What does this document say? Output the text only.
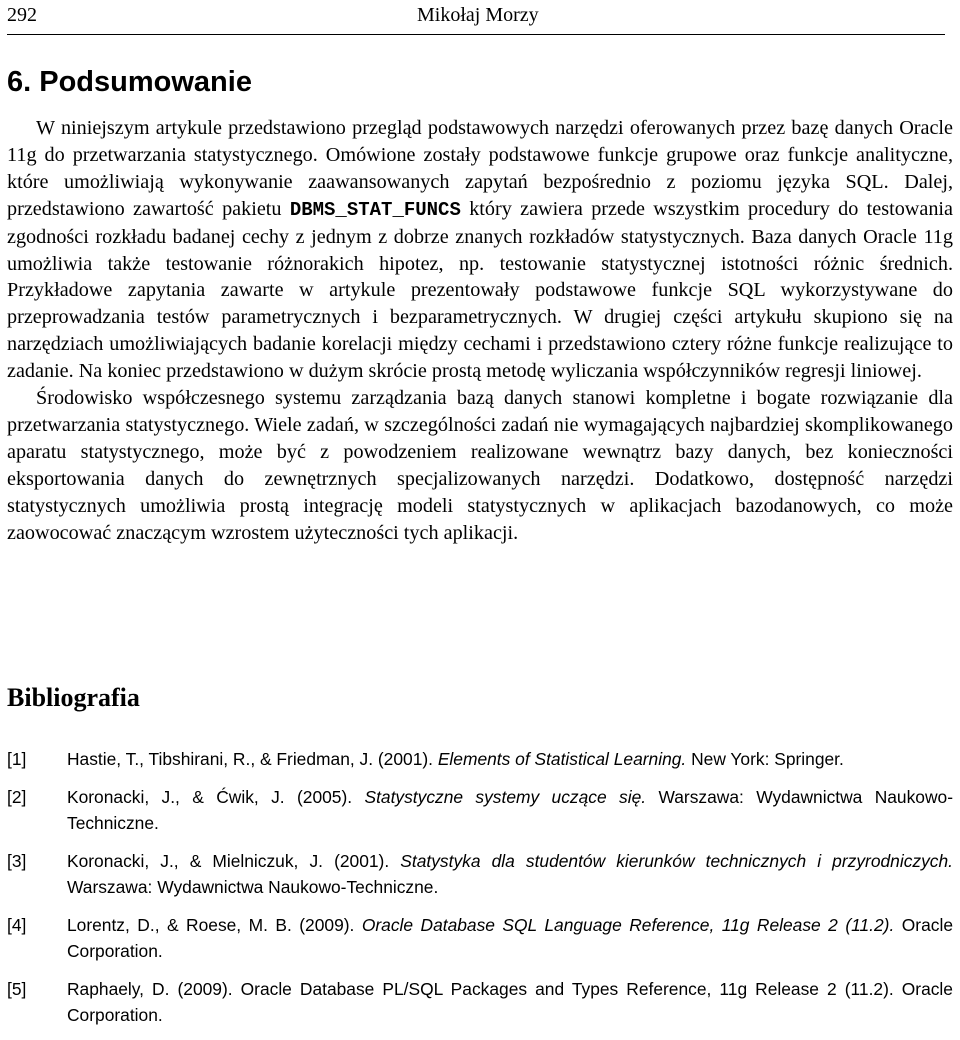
292	Mikołaj Morzy
6. Podsumowanie

W niniejszym artykule przedstawiono przegląd podstawowych narzędzi oferowanych przez bazę danych Oracle 11g do przetwarzania statystycznego. Omówione zostały podstawowe funkcje grupowe oraz funkcje analityczne, które umożliwiają wykonywanie zaawansowanych zapytań bezpośrednio z poziomu języka SQL. Dalej, przedstawiono zawartość pakietu DBMS_STAT_FUNCS który zawiera przede wszystkim procedury do testowania zgodności rozkładu badanej cechy z jednym z dobrze znanych rozkładów statystycznych. Baza danych Oracle 11g umożliwia także testowanie różnorakich hipotez, np. testowanie statystycznej istotności różnic średnich. Przykładowe zapytania zawarte w artykule prezentowały podstawowe funkcje SQL wykorzystywane do przeprowadzania testów parametrycznych i bezparametrycznych. W drugiej części artykułu skupiono się na narzędziach umożliwiających badanie korelacji między cechami i przedstawiono cztery różne funkcje realizujące to zadanie. Na koniec przedstawiono w dużym skrócie prostą metodę wyliczania współczynników regresji liniowej.

Środowisko współczesnego systemu zarządzania bazą danych stanowi kompletne i bogate rozwiązanie dla przetwarzania statystycznego. Wiele zadań, w szczególności zadań nie wymagających najbardziej skomplikowanego aparatu statystycznego, może być z powodzeniem realizowane wewnątrz bazy danych, bez konieczności eksportowania danych do zewnętrznych specjalizowanych narzędzi. Dodatkowo, dostępność narzędzi statystycznych umożliwia prostą integrację modeli statystycznych w aplikacjach bazodanowych, co może zaowocować znaczącym wzrostem użyteczności tych aplikacji.

Bibliografia
[1] Hastie, T., Tibshirani, R., & Friedman, J. (2001). Elements of Statistical Learning. New York: Springer.
[2] Koronacki, J., & Ćwik, J. (2005). Statystyczne systemy uczące się. Warszawa: Wydawnictwa Naukowo-Techniczne.
[3] Koronacki, J., & Mielniczuk, J. (2001). Statystyka dla studentów kierunków technicznych i przyrodniczych. Warszawa: Wydawnictwa Naukowo-Techniczne.
[4] Lorentz, D., & Roese, M. B. (2009). Oracle Database SQL Language Reference, 11g Release 2 (11.2). Oracle Corporation.
[5] Raphaely, D. (2009). Oracle Database PL/SQL Packages and Types Reference, 11g Release 2 (11.2). Oracle Corporation.
